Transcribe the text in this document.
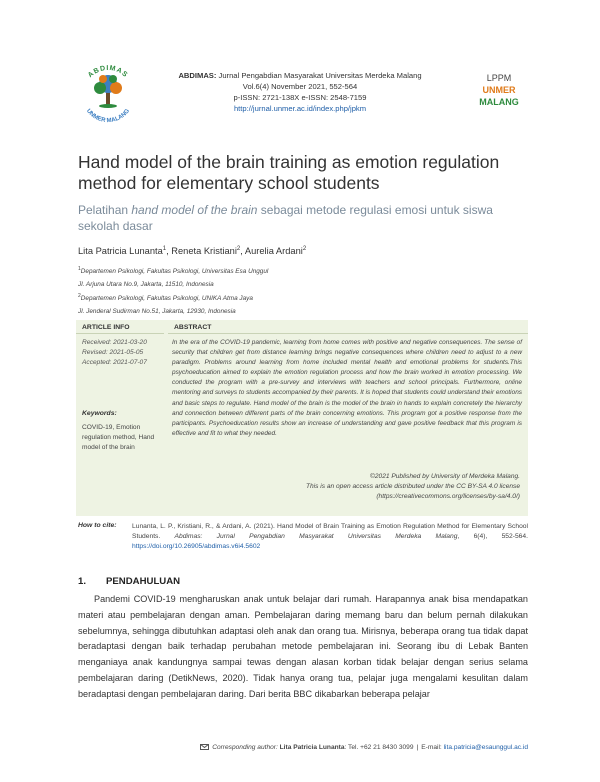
ABDIMAS
UNMER MALANG
ABDIMAS: Jurnal Pengabdian Masyarakat Universitas Merdeka Malang
Vol.6(4) November 2021, 552-564
p-ISSN: 2721-138X e-ISSN: 2548-7159
http://jurnal.unmer.ac.id/index.php/jpkm
LPPM
UNMER
MALANG
Hand model of the brain training as emotion regulation method for elementary school students
Pelatihan hand model of the brain sebagai metode regulasi emosi untuk siswa sekolah dasar
Lita Patricia Lunanta$^1$, Reneta Kristiani$^2$, Aurelia Ardani$^2$
$^1$Departemen Psikologi, Fakultas Psikologi, Universitas Esa Unggul
Jl. Arjuna Utara No.9, Jakarta, 11510, Indonesia
$^2$Departemen Psikologi, Fakultas Psikologi, UNIKA Atma Jaya
Jl. Jenderal Sudirman No.51, Jakarta, 12930, Indonesia
ARTICLE INFO
Received: 2021-03-20
Revised: 2021-05-05
Accepted: 2021-07-07
Keywords:
COVID-19, Emotion regulation method, Hand model of the brain
ABSTRACT
In the era of the COVID-19 pandemic, learning from home comes with positive and negative consequences. The sense of security that children get from distance learning brings negative consequences where children need to adjust to a new paradigm. Problems around learning from home included mental health and emotional problems for students.This psychoeducation aimed to explain the emotion regulation process and how the brain worked in emotion processing. We conducted the program with a pre-survey and interviews with teachers and school principals. Furthermore, online mentoring and surveys to students accompanied by their parents. It is hoped that students could understand their emotions and basic steps to regulate. Hand model of the brain is the model of the brain in hands to explain concretely the hierarchy and connection between different parts of the brain concerning emotions. This program got a positive response from the participants. Psychoeducation results show an increase of understanding and gave positive feedback that this program is effective and fit to what they needed.
©2021 Published by University of Merdeka Malang.
This is an open access article distributed under the CC BY-SA 4.0 license
(https://creativecommons.org/licenses/by-sa/4.0/)
How to cite: Lunanta, L. P., Kristiani, R., & Ardani, A. (2021). Hand Model of Brain Training as Emotion Regulation Method for Elementary School Students. Abdimas: Jurnal Pengabdian Masyarakat Universitas Merdeka Malang, 6(4), 552-564. https://doi.org/10.26905/abdimas.v6i4.5602
1. PENDAHULUAN
Pandemi COVID-19 mengharuskan anak untuk belajar dari rumah. Harapannya anak bisa mendapatkan materi atau pembelajaran dengan aman. Pembelajaran daring memang baru dan belum pernah dilakukan sebelumnya, sehingga dibutuhkan adaptasi oleh anak dan orang tua. Mirisnya, beberapa orang tua tidak dapat beradaptasi dengan baik terhadap perubahan metode pembelajaran ini. Seorang ibu di Lebak Banten menganiaya anak kandungnya sampai tewas dengan alasan korban tidak belajar dengan serius selama pembelajaran daring (DetikNews, 2020). Tidak hanya orang tua, pelajar juga mengalami kesulitan dalam beradaptasi dengan pembelajaran daring. Dari berita BBC dikabarkan beberapa pelajar
Corresponding author: Lita Patricia Lunanta: Tel. +62 21 8430 3099 | E-mail: lita.patricia@esaunggul.ac.id
